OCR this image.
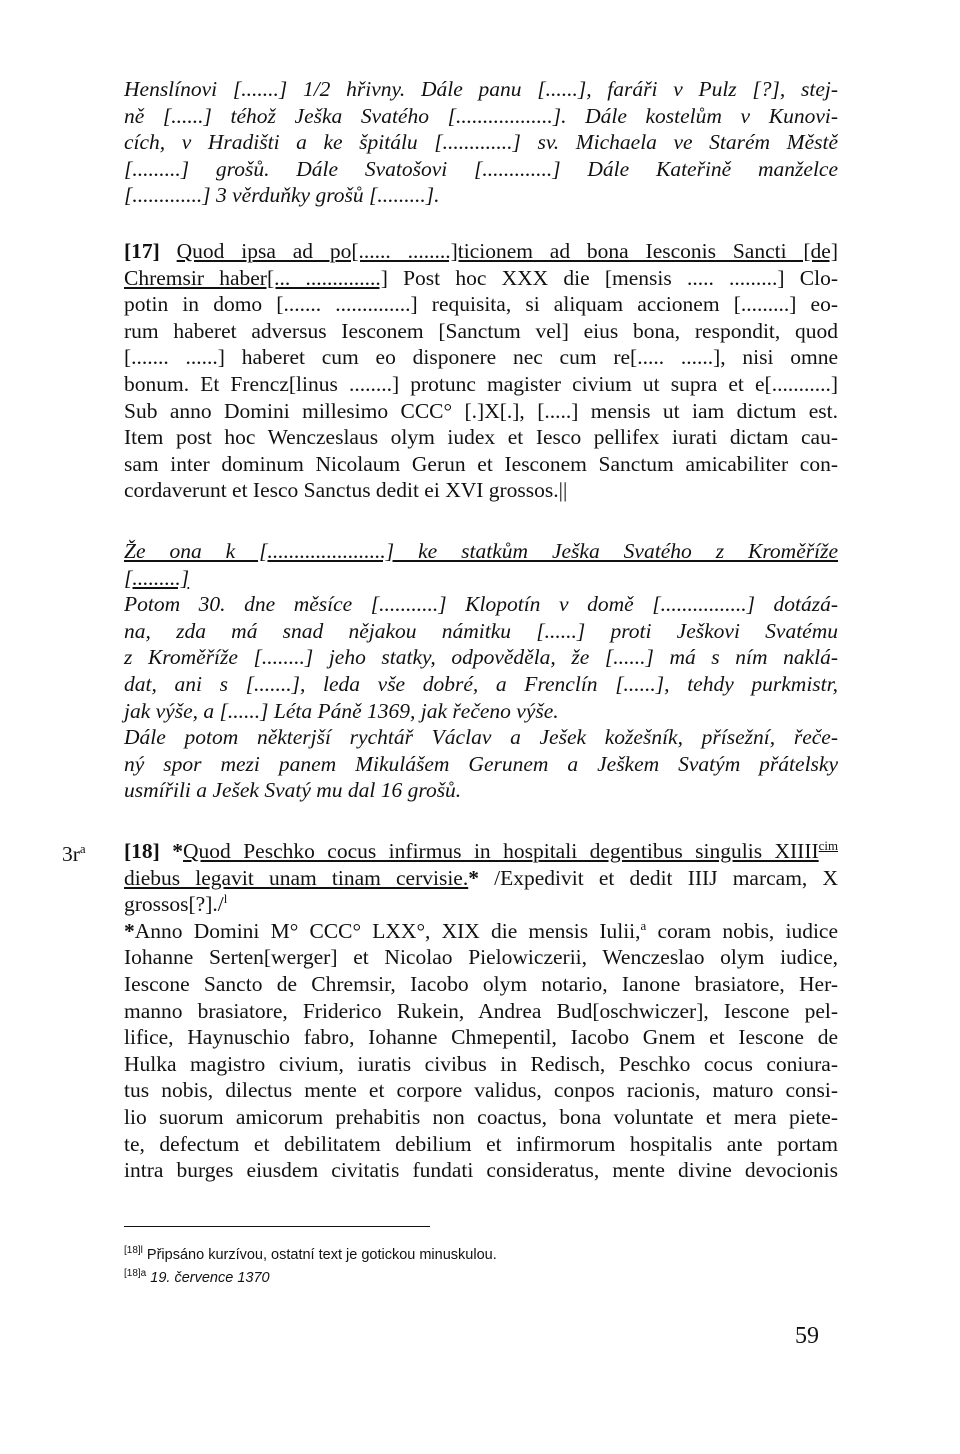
Henslínovi [.......] 1/2 hřivny. Dále panu [......], faráři v Pulz [?], stej-
ně [......] téhož Ješka Svatého [..................]. Dále kostelům v Kunovi-
cích, v Hradišti a ke špitálu [.............] sv. Michaela ve Starém Městě
[.........] grošů. Dále Svatošovi [.............] Dále Kateřině manželce
[.............] 3 věrduňky grošů [.........].
[17] Quod ipsa ad po[...... ........]ticionem ad bona Iesconis Sancti [de]
Chremsir haber[... ..............] Post hoc XXX die [mensis ..... .........] Clo-
potin in domo [....... ..............] requisita, si aliquam accionem [.........] eo-
rum haberet adversus Iesconem [Sanctum vel] eius bona, respondit, quod
[....... ......] haberet cum eo disponere nec cum re[..... ......], nisi omne
bonum. Et Frencz[linus ........] protunc magister civium ut supra et e[...........]
Sub anno Domini millesimo CCC° [.]X[.], [.....] mensis ut iam dictum est.
Item post hoc Wenczeslaus olym iudex et Iesco pellifex iurati dictam cau-
sam inter dominum Nicolaum Gerun et Iesconem Sanctum amicabiliter con-
cordaverunt et Iesco Sanctus dedit ei XVI grossos.||
Že ona k [......................] ke statkům Ješka Svatého z Kroměříže
[.........]
Potom 30. dne měsíce [...........] Klopotín v domě [................] dotázá-
na, zda má snad nějakou námitku [......] proti Ješkovi Svatému
z Kroměříže [........] jeho statky, odpověděla, že [......] má s ním naklá-
dat, ani s [.......], leda vše dobré, a Frenclín [......], tehdy purkmistr,
jak výše, a [......] Léta Páně 1369, jak řečeno výše.
Dále potom některjší rychtář Václav a Ješek kožešník, přísežní, řeče-
ný spor mezi panem Mikulášem Gerunem a Ješkem Svatým přátelsky
usmířili a Ješek Svatý mu dal 16 grošů.
$3r^a$ [18] *Quod Peschko cocus infirmus in hospitali degentibus singulis $XIIII^{cim}$
diebus legavit unam tinam cervisie.* /Expedivit et dedit IIIJ marcam, X
grossos[?]./$^l$
*Anno Domini M° CCC° LXX°, XIX die mensis Iulii,$^a$ coram nobis, iudice
Iohanne Serten[werger] et Nicolao Pielowiczerii, Wenczeslao olym iudice,
Iescone Sancto de Chremsir, Iacobo olym notario, Ianone brasiatore, Her-
manno brasiatore, Friderico Rukein, Andrea Bud[oschwiczer], Iescone pel-
lifice, Haynuschio fabro, Iohanne Chmepentil, Iacobo Gnem et Iescone de
Hulka magistro civium, iuratis civibus in Redisch, Peschko cocus coniura-
tus nobis, dilectus mente et corpore validus, conpos racionis, maturo consi-
lio suorum amicorum prehabitis non coactus, bona voluntate et mera piete-
te, defectum et debilitatem debilium et infirmorum hospitalis ante portam
intra burges eiusdem civitatis fundati consideratus, mente divine devocionis
$^{[18]l}$ Připsáno kurzívou, ostatní text je gotickou minuskulou.
$^{[18]a}$ 19. července 1370
59
